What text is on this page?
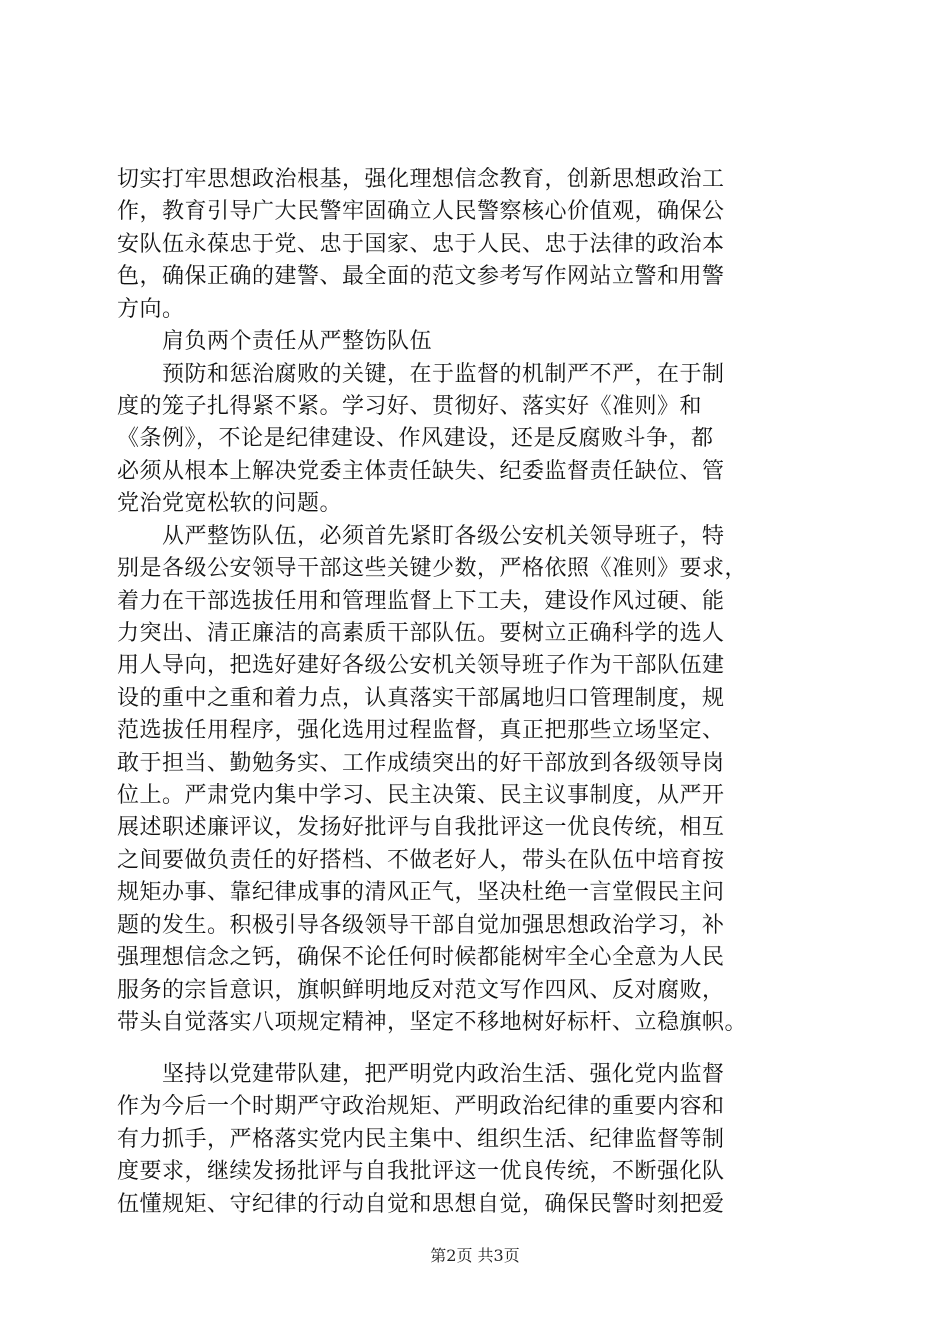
切实打牢思想政治根基，强化理想信念教育，创新思想政治工
作，教育引导广大民警牢固确立人民警察核心价值观，确保公
安队伍永葆忠于党、忠于国家、忠于人民、忠于法律的政治本
色，确保正确的建警、最全面的范文参考写作网站立警和用警
方向。
　　肩负两个责任从严整饬队伍
　　预防和惩治腐败的关键，在于监督的机制严不严，在于制
度的笼子扎得紧不紧。学习好、贯彻好、落实好《准则》和
《条例》，不论是纪律建设、作风建设，还是反腐败斗争，都
必须从根本上解决党委主体责任缺失、纪委监督责任缺位、管
党治党宽松软的问题。
　　从严整饬队伍，必须首先紧盯各级公安机关领导班子，特
别是各级公安领导干部这些关键少数，严格依照《准则》要求，
着力在干部选拔任用和管理监督上下工夫，建设作风过硬、能
力突出、清正廉洁的高素质干部队伍。要树立正确科学的选人
用人导向，把选好建好各级公安机关领导班子作为干部队伍建
设的重中之重和着力点，认真落实干部属地归口管理制度，规
范选拔任用程序，强化选用过程监督，真正把那些立场坚定、
敢于担当、勤勉务实、工作成绩突出的好干部放到各级领导岗
位上。严肃党内集中学习、民主决策、民主议事制度，从严开
展述职述廉评议，发扬好批评与自我批评这一优良传统，相互
之间要做负责任的好搭档、不做老好人，带头在队伍中培育按
规矩办事、靠纪律成事的清风正气，坚决杜绝一言堂假民主问
题的发生。积极引导各级领导干部自觉加强思想政治学习，补
强理想信念之钙，确保不论任何时候都能树牢全心全意为人民
服务的宗旨意识，旗帜鲜明地反对范文写作四风、反对腐败，
带头自觉落实八项规定精神，坚定不移地树好标杆、立稳旗帜。
　　坚持以党建带队建，把严明党内政治生活、强化党内监督
作为今后一个时期严守政治规矩、严明政治纪律的重要内容和
有力抓手，严格落实党内民主集中、组织生活、纪律监督等制
度要求，继续发扬批评与自我批评这一优良传统，不断强化队
伍懂规矩、守纪律的行动自觉和思想自觉，确保民警时刻把爱
第2页 共3页
